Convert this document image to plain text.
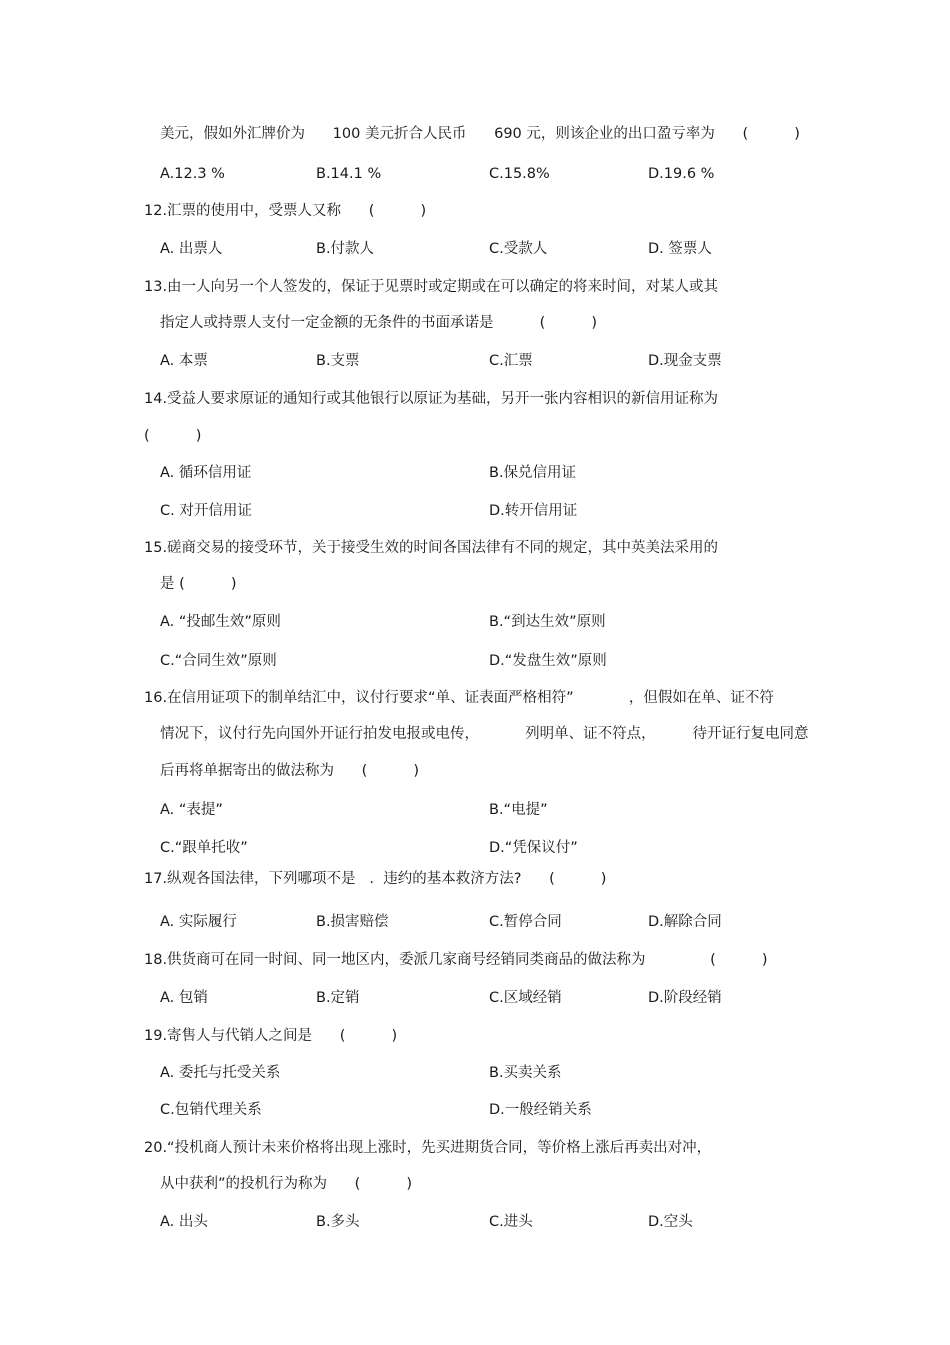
美元，假如外汇牌价为      100 美元折合人民币      690 元，则该企业的出口盈亏率为      (          )
A.12.3 %	B.14.1 %	C.15.8%	D.19.6 %
12.汇票的使用中，受票人又称      (          )
A. 出票人	B.付款人	C.受款人	D. 签票人
13.由一人向另一个人签发的，保证于见票时或定期或在可以确定的将来时间，对某人或其
指定人或持票人支付一定金额的无条件的书面承诺是          (          )
A. 本票	B.支票	C.汇票	D.现金支票
14.受益人要求原证的通知行或其他银行以原证为基础，另开一张内容相识的新信用证称为
(          )
A. 循环信用证	B.保兑信用证
C. 对开信用证	D.转开信用证
15.磋商交易的接受环节，关于接受生效的时间各国法律有不同的规定，其中英美法采用的
是 (          )
A. “投邮生效”原则	B.“到达生效”原则
C.“合同生效”原则	D.“发盘生效”原则
16.在信用证项下的制单结汇中，议付行要求“单、证表面严格相符”            ，但假如在单、证不符
情况下，议付行先向国外开证行拍发电报或电传，          列明单、证不符点，        待开证行复电同意
后再将单据寄出的做法称为      (          )
A. “表提”	B.“电提”
C.“跟单托收”	D.“凭保议付”
17.纵观各国法律，下列哪项不是   .  违约的基本救济方法?      (          )
A. 实际履行	B.损害赔偿	C.暂停合同	D.解除合同
18.供货商可在同一时间、同一地区内，委派几家商号经销同类商品的做法称为              (          )
A. 包销	B.定销	C.区域经销	D.阶段经销
19.寄售人与代销人之间是      (          )
A. 委托与托受关系	B.买卖关系
C.包销代理关系	D.一般经销关系
20.“投机商人预计未来价格将出现上涨时，先买进期货合同，等价格上涨后再卖出对冲，
从中获利”的投机行为称为      (          )
A. 出头	B.多头	C.进头	D.空头
